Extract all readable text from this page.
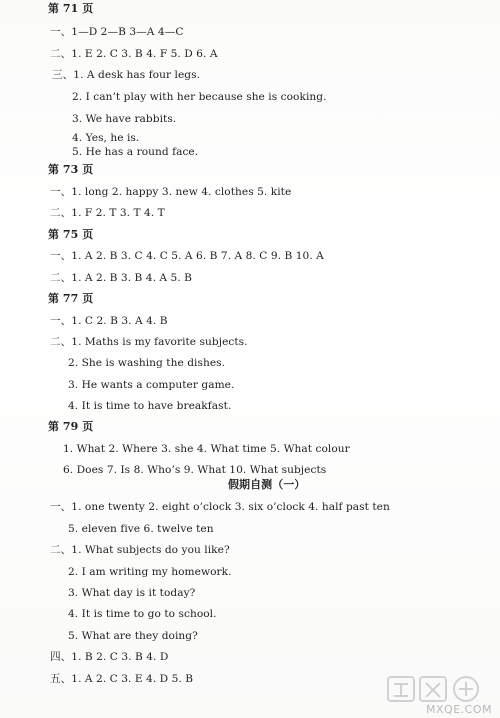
第 71 页
一、1—D 2—B 3—A 4—C
二、1. E 2. C 3. B 4. F 5. D 6. A
三、1. A desk has four legs.
2. I can’t play with her because she is cooking.
3. We have rabbits.
4. Yes, he is.
5. He has a round face.
第 73 页
一、1. long 2. happy 3. new 4. clothes 5. kite
二、1. F 2. T 3. T 4. T
第 75 页
一、1. A 2. B 3. C 4. C 5. A 6. B 7. A 8. C 9. B 10. A
二、1. A 2. B 3. B 4. A 5. B
第 77 页
一、1. C 2. B 3. A 4. B
二、1. Maths is my favorite subjects.
2. She is washing the dishes.
3. He wants a computer game.
4. It is time to have breakfast.
第 79 页
1. What 2. Where 3. she 4. What time 5. What colour
6. Does 7. Is 8. Who’s 9. What 10. What subjects
假期自测（一）
一、1. one twenty 2. eight o’clock 3. six o’clock 4. half past ten
5. eleven five 6. twelve ten
二、1. What subjects do you like?
2. I am writing my homework.
3. What day is it today?
4. It is time to go to school.
5. What are they doing?
四、1. B 2. C 3. B 4. D
五、1. A 2. C 3. E 4. D 5. B
MXQE.COM
